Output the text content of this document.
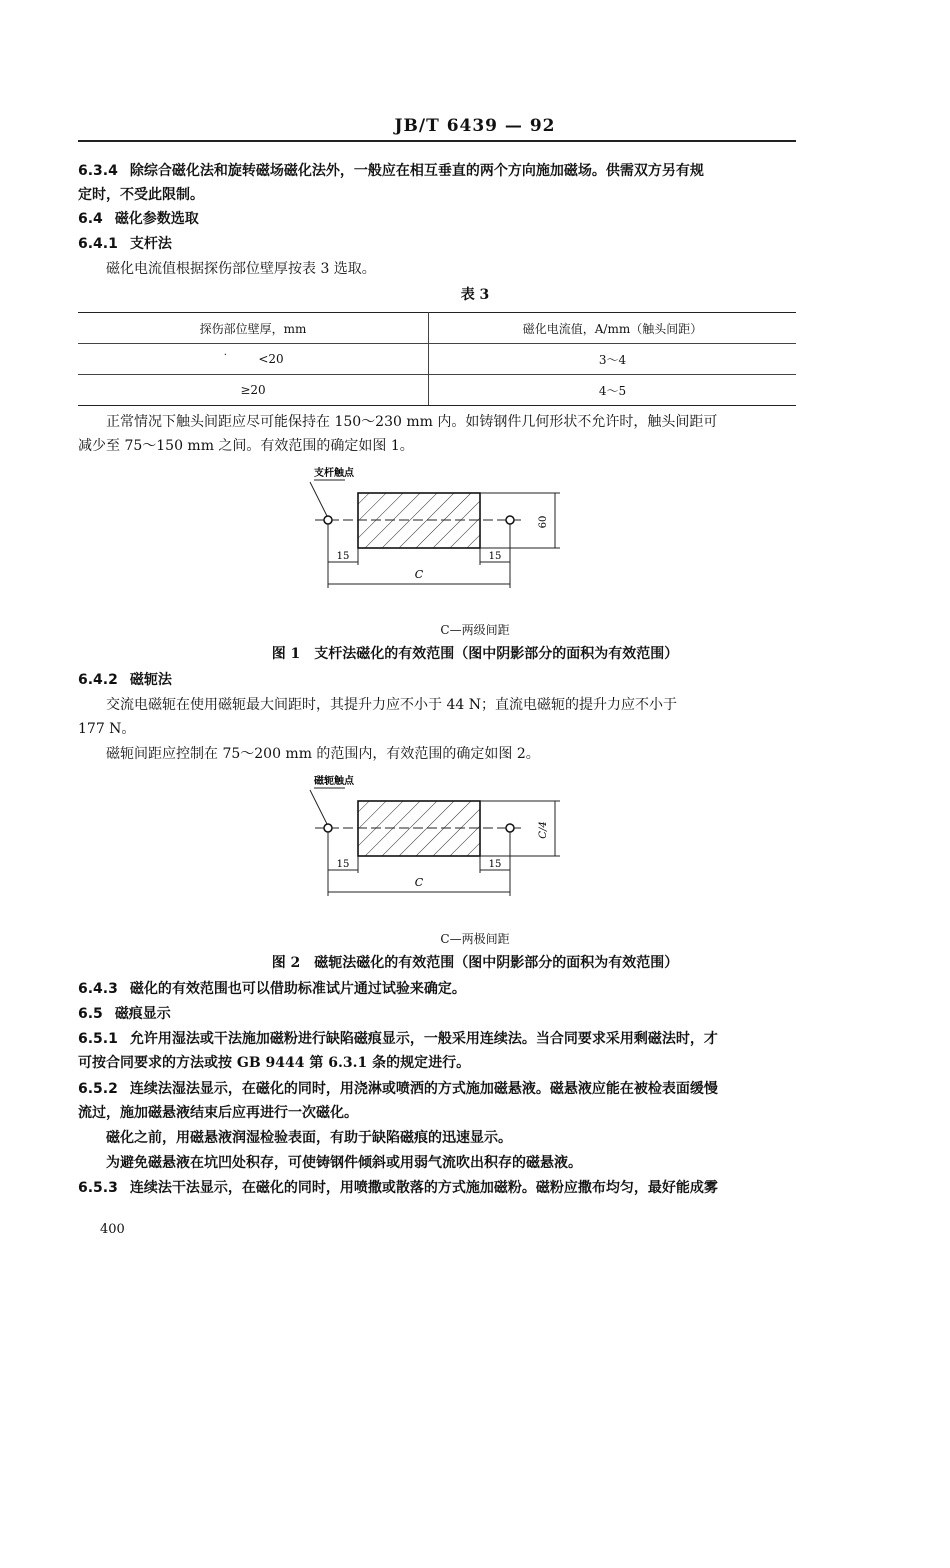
JB/T 6439 — 92
6.3.4 除综合磁化法和旋转磁场磁化法外，一般应在相互垂直的两个方向施加磁场。供需双方另有规
定时，不受此限制。
6.4 磁化参数选取
6.4.1 支杆法
磁化电流值根据探伤部位壁厚按表 3 选取。
表 3
探伤部位壁厚，mm	磁化电流值，A/mm（触头间距）
˙ <20	3～4
≥20	4～5
正常情况下触头间距应尽可能保持在 150～230 mm 内。如铸钢件几何形状不允许时，触头间距可
减少至 75～150 mm 之间。有效范围的确定如图 1。
支杆触点
15	15
C
60
C—两级间距
图 1　支杆法磁化的有效范围（图中阴影部分的面积为有效范围）
6.4.2 磁轭法
交流电磁轭在使用磁轭最大间距时，其提升力应不小于 44 N；直流电磁轭的提升力应不小于
177 N。
磁轭间距应控制在 75～200 mm 的范围内，有效范围的确定如图 2。
磁轭触点
15	15
C
C/4
C—两极间距
图 2　磁轭法磁化的有效范围（图中阴影部分的面积为有效范围）
6.4.3 磁化的有效范围也可以借助标准试片通过试验来确定。
6.5 磁痕显示
6.5.1 允许用湿法或干法施加磁粉进行缺陷磁痕显示，一般采用连续法。当合同要求采用剩磁法时，才
可按合同要求的方法或按 GB 9444 第 6.3.1 条的规定进行。
6.5.2 连续法湿法显示，在磁化的同时，用浇淋或喷洒的方式施加磁悬液。磁悬液应能在被检表面缓慢
流过，施加磁悬液结束后应再进行一次磁化。
磁化之前，用磁悬液润湿检验表面，有助于缺陷磁痕的迅速显示。
为避免磁悬液在坑凹处积存，可使铸钢件倾斜或用弱气流吹出积存的磁悬液。
6.5.3 连续法干法显示，在磁化的同时，用喷撒或散落的方式施加磁粉。磁粉应撒布均匀，最好能成雾
400
